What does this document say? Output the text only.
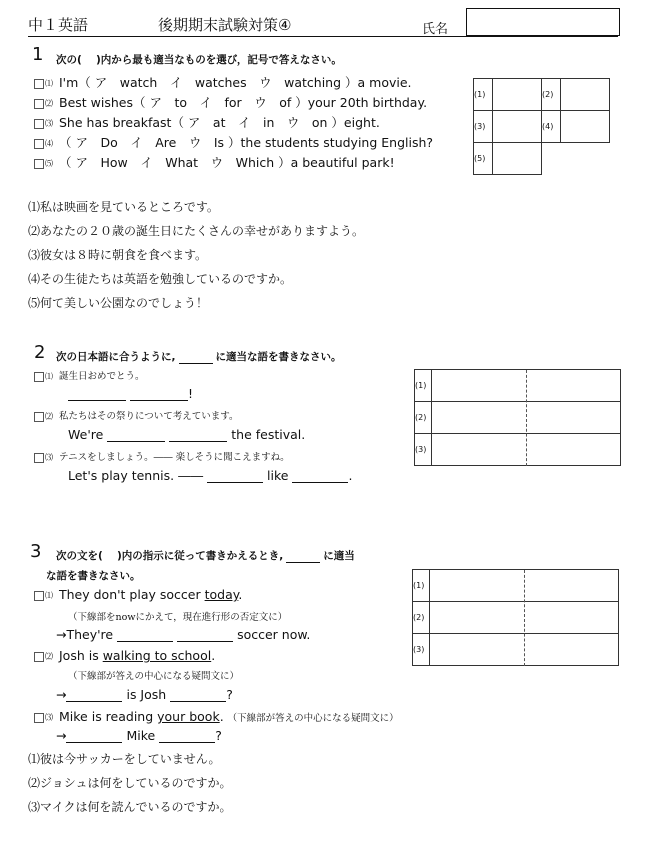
中１英語	後期期末試験対策④	氏名
1 次の(　 )内から最も適当なものを選び，記号で答えなさい。
⑴ I'm（ ア　watch　イ　watches　ウ　watching ）a movie.
⑵ Best wishes（ ア　to　イ　for　ウ　of ）your 20th birthday.
⑶ She has breakfast（ ア　at　イ　in　ウ　on ）eight.
⑷ （ ア　Do　イ　Are　ウ　Is ）the students studying English?
⑸ （ ア　How　イ　What　ウ　Which ）a beautiful park!
(1)		(2)	
(3)		(4)	
(5)			
⑴私は映画を見ているところです。
⑵あなたの２０歳の誕生日にたくさんの幸せがありますよう。
⑶彼女は８時に朝食を食べます。
⑷その生徒たちは英語を勉強しているのですか。
⑸何て美しい公園なのでしょう！
2 次の日本語に合うように,	に適当な語を書きなさい。
⑴ 誕生日おめでとう。
!
⑵ 私たちはその祭りについて考えています。
We're	the festival.
⑶ テニスをしましょう。―― 楽しそうに聞こえますね。
Let's play tennis. ――	like	.
(1)	
(2)	
(3)	
3 次の文を(　 )内の指示に従って書きかえるとき,	に適当
な語を書きなさい。
⑴ They don't play soccer today.
（下線部をnowにかえて，現在進行形の否定文に）
→They're	soccer now.
⑵ Josh is walking to school.
（下線部が答えの中心になる疑問文に）
→	is Josh	?
⑶ Mike is reading your book. （下線部が答えの中心になる疑問文に）
→	Mike	?
(1)	
(2)	
(3)	
⑴彼は今サッカーをしていません。
⑵ジョシュは何をしているのですか。
⑶マイクは何を読んでいるのですか。
